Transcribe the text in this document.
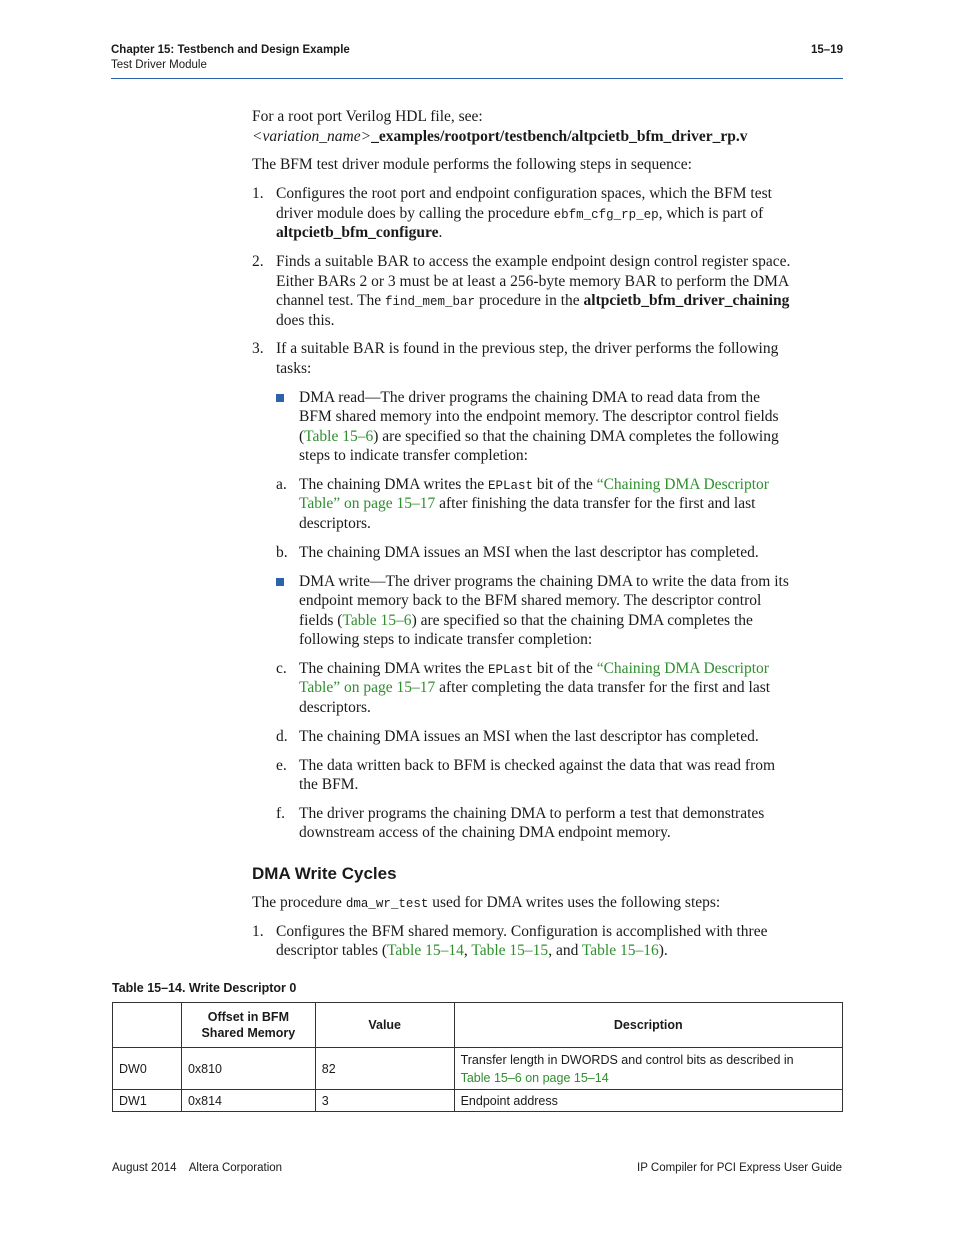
Chapter 15: Testbench and Design Example
Test Driver Module
15–19
For a root port Verilog HDL file, see:
<variation_name>_examples/rootport/testbench/altpcietb_bfm_driver_rp.v
The BFM test driver module performs the following steps in sequence:
1. Configures the root port and endpoint configuration spaces, which the BFM test
driver module does by calling the procedure ebfm_cfg_rp_ep, which is part of
altpcietb_bfm_configure.
2. Finds a suitable BAR to access the example endpoint design control register space.
Either BARs 2 or 3 must be at least a 256-byte memory BAR to perform the DMA
channel test. The find_mem_bar procedure in the altpcietb_bfm_driver_chaining
does this.
3. If a suitable BAR is found in the previous step, the driver performs the following
tasks:
DMA read—The driver programs the chaining DMA to read data from the
BFM shared memory into the endpoint memory. The descriptor control fields
(Table 15–6) are specified so that the chaining DMA completes the following
steps to indicate transfer completion:
a. The chaining DMA writes the EPLast bit of the “Chaining DMA Descriptor
Table” on page 15–17 after finishing the data transfer for the first and last
descriptors.
b. The chaining DMA issues an MSI when the last descriptor has completed.
DMA write—The driver programs the chaining DMA to write the data from its
endpoint memory back to the BFM shared memory. The descriptor control
fields (Table 15–6) are specified so that the chaining DMA completes the
following steps to indicate transfer completion:
c. The chaining DMA writes the EPLast bit of the “Chaining DMA Descriptor
Table” on page 15–17 after completing the data transfer for the first and last
descriptors.
d. The chaining DMA issues an MSI when the last descriptor has completed.
e. The data written back to BFM is checked against the data that was read from
the BFM.
f. The driver programs the chaining DMA to perform a test that demonstrates
downstream access of the chaining DMA endpoint memory.
DMA Write Cycles
The procedure dma_wr_test used for DMA writes uses the following steps:
1. Configures the BFM shared memory. Configuration is accomplished with three
descriptor tables (Table 15–14, Table 15–15, and Table 15–16).
Table 15–14. Write Descriptor 0
	Offset in BFM
Shared Memory	Value	Description
DW0	0x810	82	Transfer length in DWORDS and control bits as described in
Table 15–6 on page 15–14

DW1	0x814	3	Endpoint address
August 2014    Altera Corporation	IP Compiler for PCI Express User Guide
